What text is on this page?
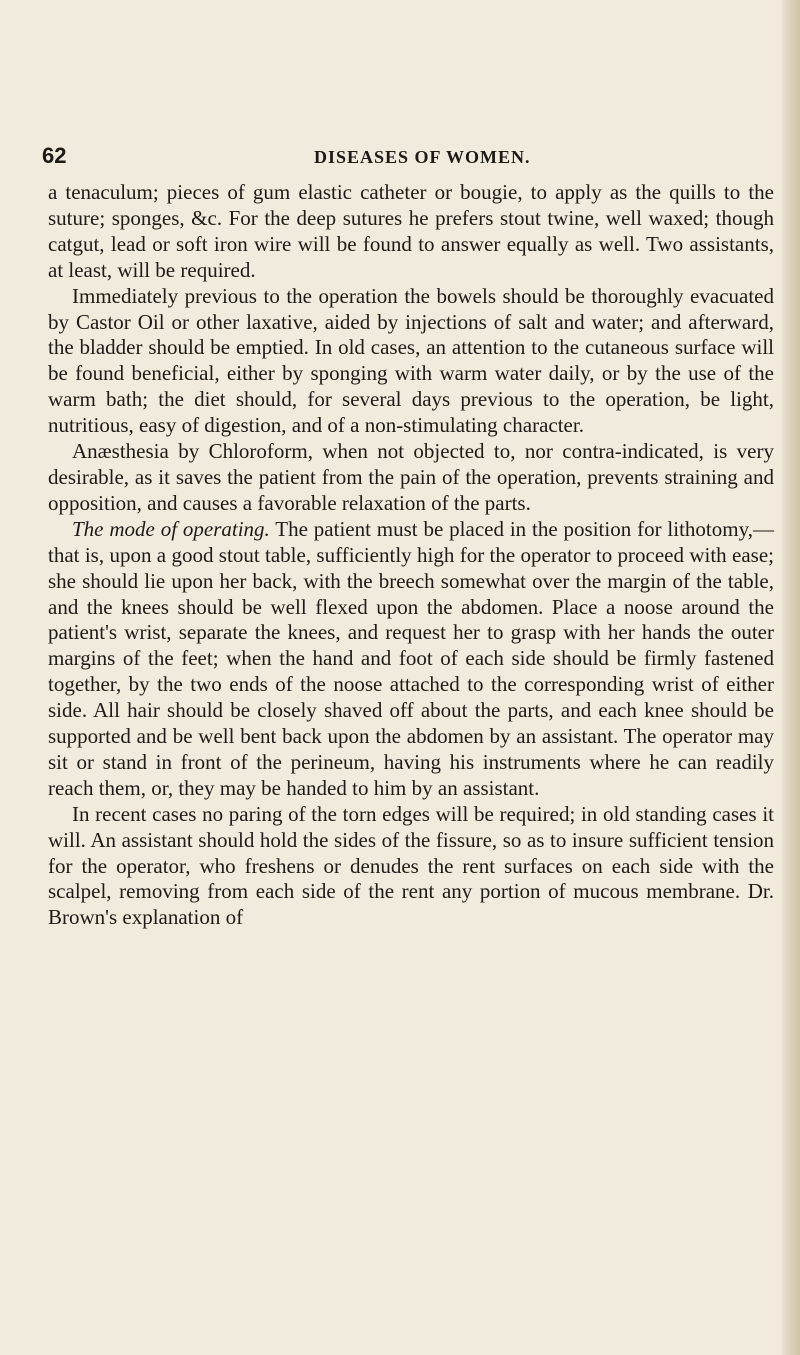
62	DISEASES OF WOMEN.

a tenaculum; pieces of gum elastic catheter or bougie, to apply as the quills to the suture; sponges, &c. For the deep sutures he prefers stout twine, well waxed; though catgut, lead or soft iron wire will be found to answer equally as well. Two assistants, at least, will be required.

Immediately previous to the operation the bowels should be thoroughly evacuated by Castor Oil or other laxative, aided by injections of salt and water; and afterward, the bladder should be emptied. In old cases, an attention to the cutaneous surface will be found beneficial, either by sponging with warm water daily, or by the use of the warm bath; the diet should, for several days previous to the operation, be light, nutritious, easy of digestion, and of a non-stimulating character.

Anæsthesia by Chloroform, when not objected to, nor contra-indicated, is very desirable, as it saves the patient from the pain of the operation, prevents straining and opposition, and causes a favorable relaxation of the parts.

The mode of operating. The patient must be placed in the position for lithotomy,—that is, upon a good stout table, sufficiently high for the operator to proceed with ease; she should lie upon her back, with the breech somewhat over the margin of the table, and the knees should be well flexed upon the abdomen. Place a noose around the patient's wrist, separate the knees, and request her to grasp with her hands the outer margins of the feet; when the hand and foot of each side should be firmly fastened together, by the two ends of the noose attached to the corresponding wrist of either side. All hair should be closely shaved off about the parts, and each knee should be supported and be well bent back upon the abdomen by an assistant. The operator may sit or stand in front of the perineum, having his instruments where he can readily reach them, or, they may be handed to him by an assistant.

In recent cases no paring of the torn edges will be required; in old standing cases it will. An assistant should hold the sides of the fissure, so as to insure sufficient tension for the operator, who freshens or denudes the rent surfaces on each side with the scalpel, removing from each side of the rent any portion of mucous membrane. Dr. Brown's explanation of
